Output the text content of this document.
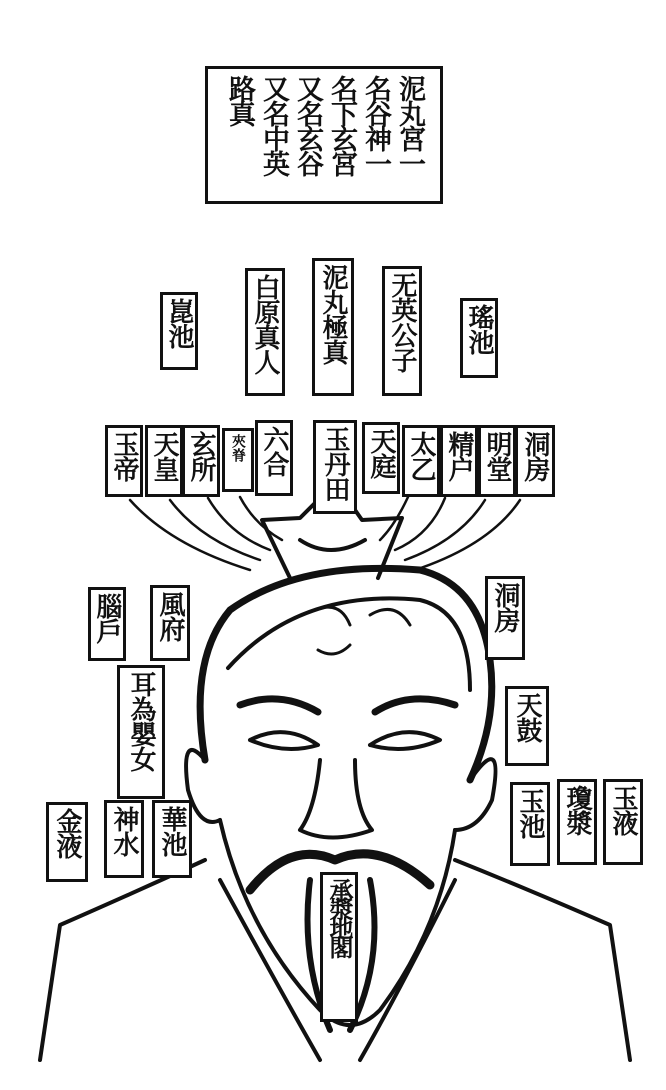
泥丸宮一
名谷神一
名下玄宮
又名玄谷
又名中英
路真
崑池 白原真人 泥丸極真 无英公子 瑤池
玉帝 天皇 玄所	夾脊 六合 玉丹田 天庭 太乙 精户 明堂 洞房
腦戶 風府	洞房
耳為嬰女	天鼓
金液 神水 華池	玉池 瓊漿 玉液
承漿地閣
